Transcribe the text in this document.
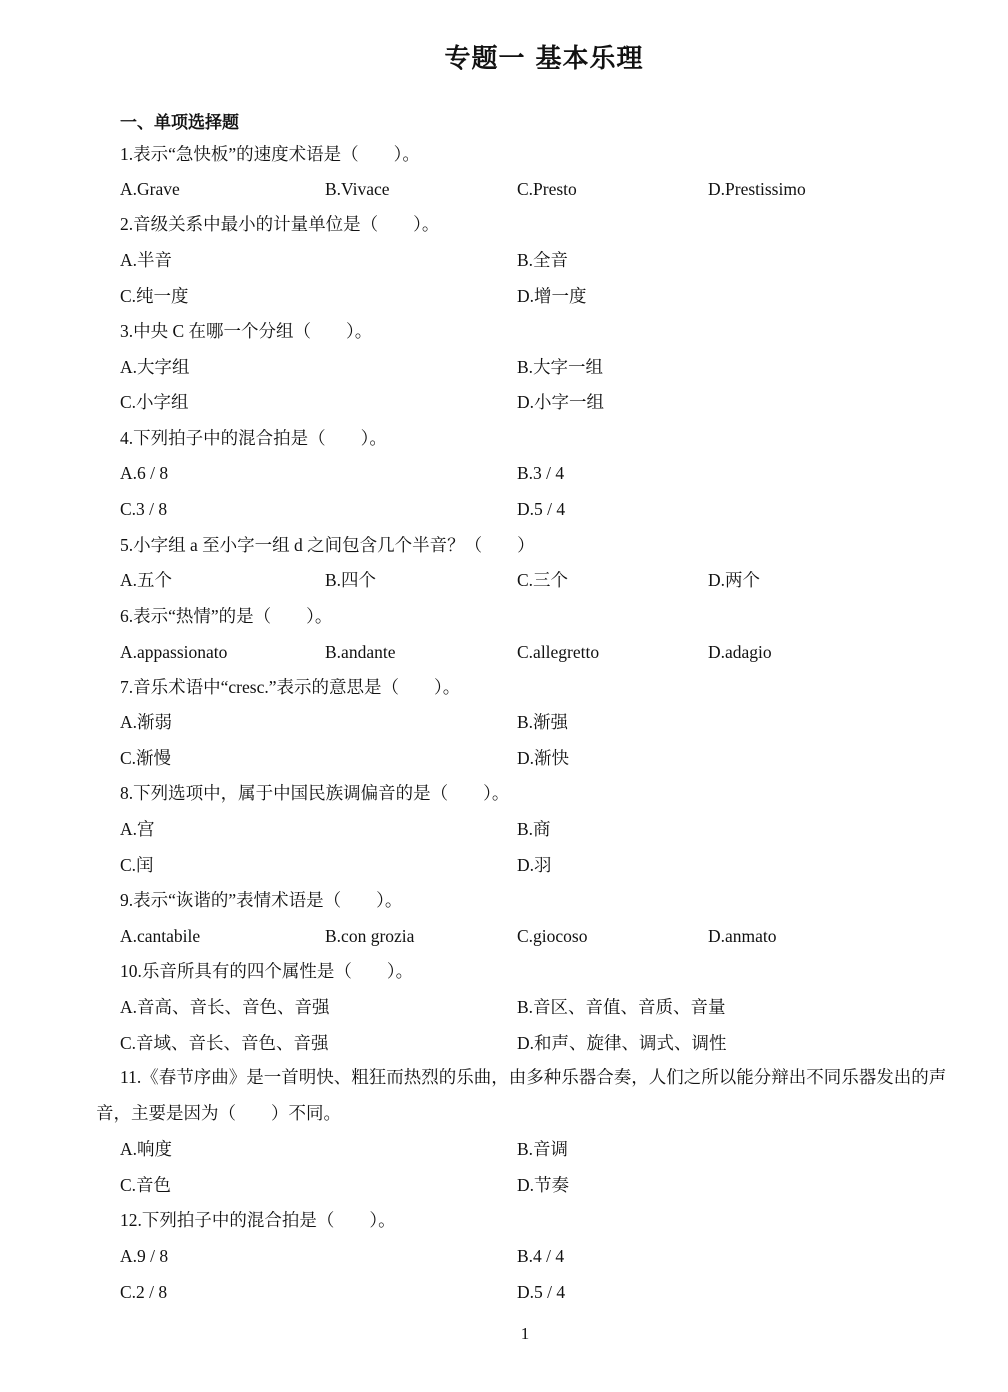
专题一 基本乐理
一、单项选择题
1.表示“急快板”的速度术语是（　　）。
A.Grave	B.Vivace	C.Presto	D.Prestissimo
2.音级关系中最小的计量单位是（　　）。
A.半音	B.全音
C.纯一度	D.增一度
3.中央 C 在哪一个分组（　　）。
A.大字组	B.大字一组
C.小字组	D.小字一组
4.下列拍子中的混合拍是（　　）。
A.6 / 8	B.3 / 4
C.3 / 8	D.5 / 4
5.小字组 a 至小字一组 d 之间包含几个半音？（　　）
A.五个	B.四个	C.三个	D.两个
6.表示“热情”的是（　　）。
A.appassionato	B.andante	C.allegretto	D.adagio
7.音乐术语中“cresc.”表示的意思是（　　）。
A.渐弱	B.渐强
C.渐慢	D.渐快
8.下列选项中，属于中国民族调偏音的是（　　）。
A.宫	B.商
C.闰	D.羽
9.表示“诙谐的”表情术语是（　　）。
A.cantabile	B.con grozia	C.giocoso	D.anmato
10.乐音所具有的四个属性是（　　）。
A.音高、音长、音色、音强	B.音区、音值、音质、音量
C.音域、音长、音色、音强	D.和声、旋律、调式、调性
11.《春节序曲》是一首明快、粗狂而热烈的乐曲，由多种乐器合奏，人们之所以能分辩出不同乐器发出的声音，主要是因为（　　）不同。
A.响度	B.音调
C.音色	D.节奏
12.下列拍子中的混合拍是（　　）。
A.9 / 8	B.4 / 4
C.2 / 8	D.5 / 4
1
